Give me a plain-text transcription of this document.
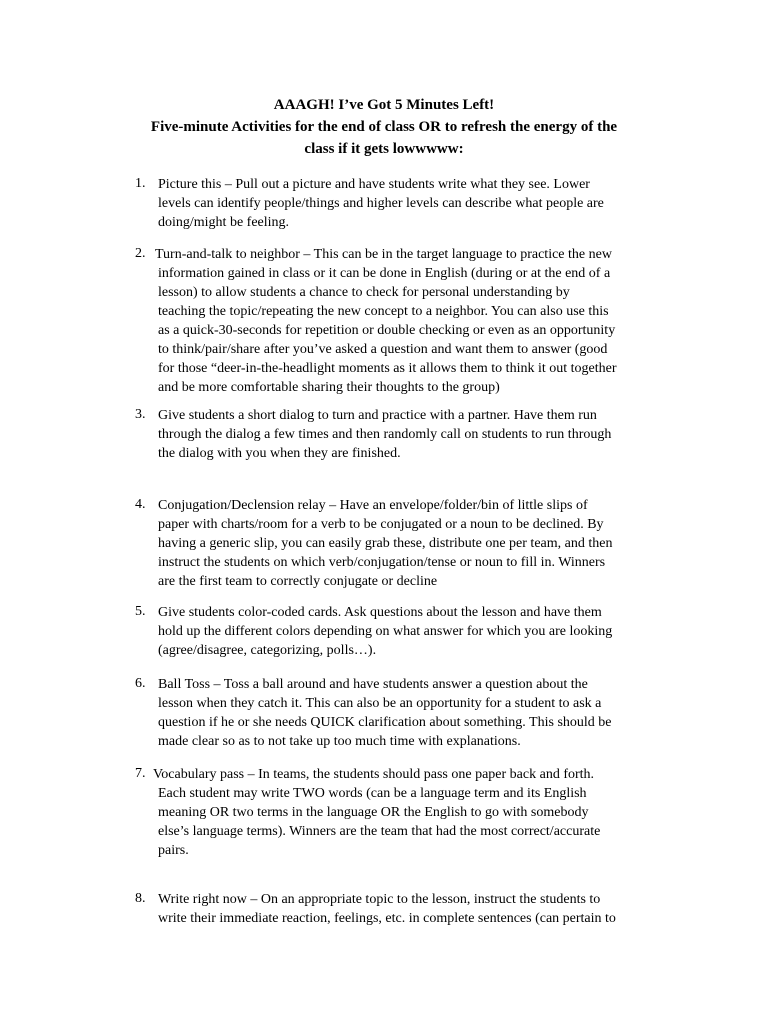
AAAGH! I’ve Got 5 Minutes Left!
Five-minute Activities for the end of class OR to refresh the energy of the
class if it gets lowwwww:
1. Picture this – Pull out a picture and have students write what they see. Lower
levels can identify people/things and higher levels can describe what people are
doing/might be feeling.
2. Turn-and-talk to neighbor – This can be in the target language to practice the new
information gained in class or it can be done in English (during or at the end of a
lesson) to allow students a chance to check for personal understanding by
teaching the topic/repeating the new concept to a neighbor. You can also use this
as a quick-30-seconds for repetition or double checking or even as an opportunity
to think/pair/share after you’ve asked a question and want them to answer (good
for those “deer-in-the-headlight moments as it allows them to think it out together
and be more comfortable sharing their thoughts to the group)
3. Give students a short dialog to turn and practice with a partner. Have them run
through the dialog a few times and then randomly call on students to run through
the dialog with you when they are finished.
4. Conjugation/Declension relay – Have an envelope/folder/bin of little slips of
paper with charts/room for a verb to be conjugated or a noun to be declined. By
having a generic slip, you can easily grab these, distribute one per team, and then
instruct the students on which verb/conjugation/tense or noun to fill in. Winners
are the first team to correctly conjugate or decline
5. Give students color-coded cards. Ask questions about the lesson and have them
hold up the different colors depending on what answer for which you are looking
(agree/disagree, categorizing, polls…).
6. Ball Toss – Toss a ball around and have students answer a question about the
lesson when they catch it. This can also be an opportunity for a student to ask a
question if he or she needs QUICK clarification about something. This should be
made clear so as to not take up too much time with explanations.
7. Vocabulary pass – In teams, the students should pass one paper back and forth.
Each student may write TWO words (can be a language term and its English
meaning OR two terms in the language OR the English to go with somebody
else’s language terms). Winners are the team that had the most correct/accurate
pairs.
8. Write right now – On an appropriate topic to the lesson, instruct the students to
write their immediate reaction, feelings, etc. in complete sentences (can pertain to
